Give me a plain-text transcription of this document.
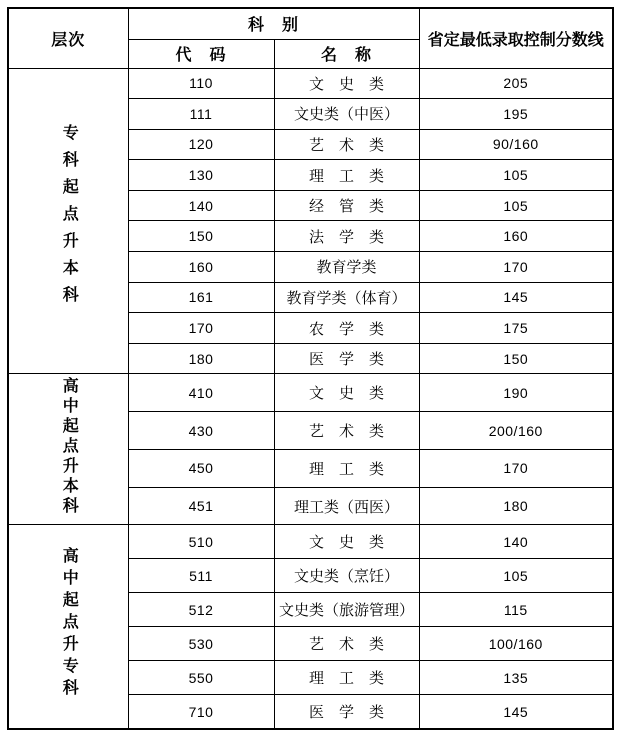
层次	科　别		省定最低录取控制分数线
	代　码	名　称	
专科起点升本科	110	文　史　类	205
	111	文史类（中医）	195
	120	艺　术　类	90/160
	130	理　工　类	105
	140	经　管　类	105
	150	法　学　类	160
	160	教育学类	170
	161	教育学类（体育）	145
	170	农　学　类	175
	180	医　学　类	150
高中起点升本科	410	文　史　类	190
	430	艺　术　类	200/160
	450	理　工　类	170
	451	理工类（西医）	180
高中起点升专科	510	文　史　类	140
	511	文史类（烹饪）	105
	512	文史类（旅游管理）	115
	530	艺　术　类	100/160
	550	理　工　类	135
	710	医　学　类	145
